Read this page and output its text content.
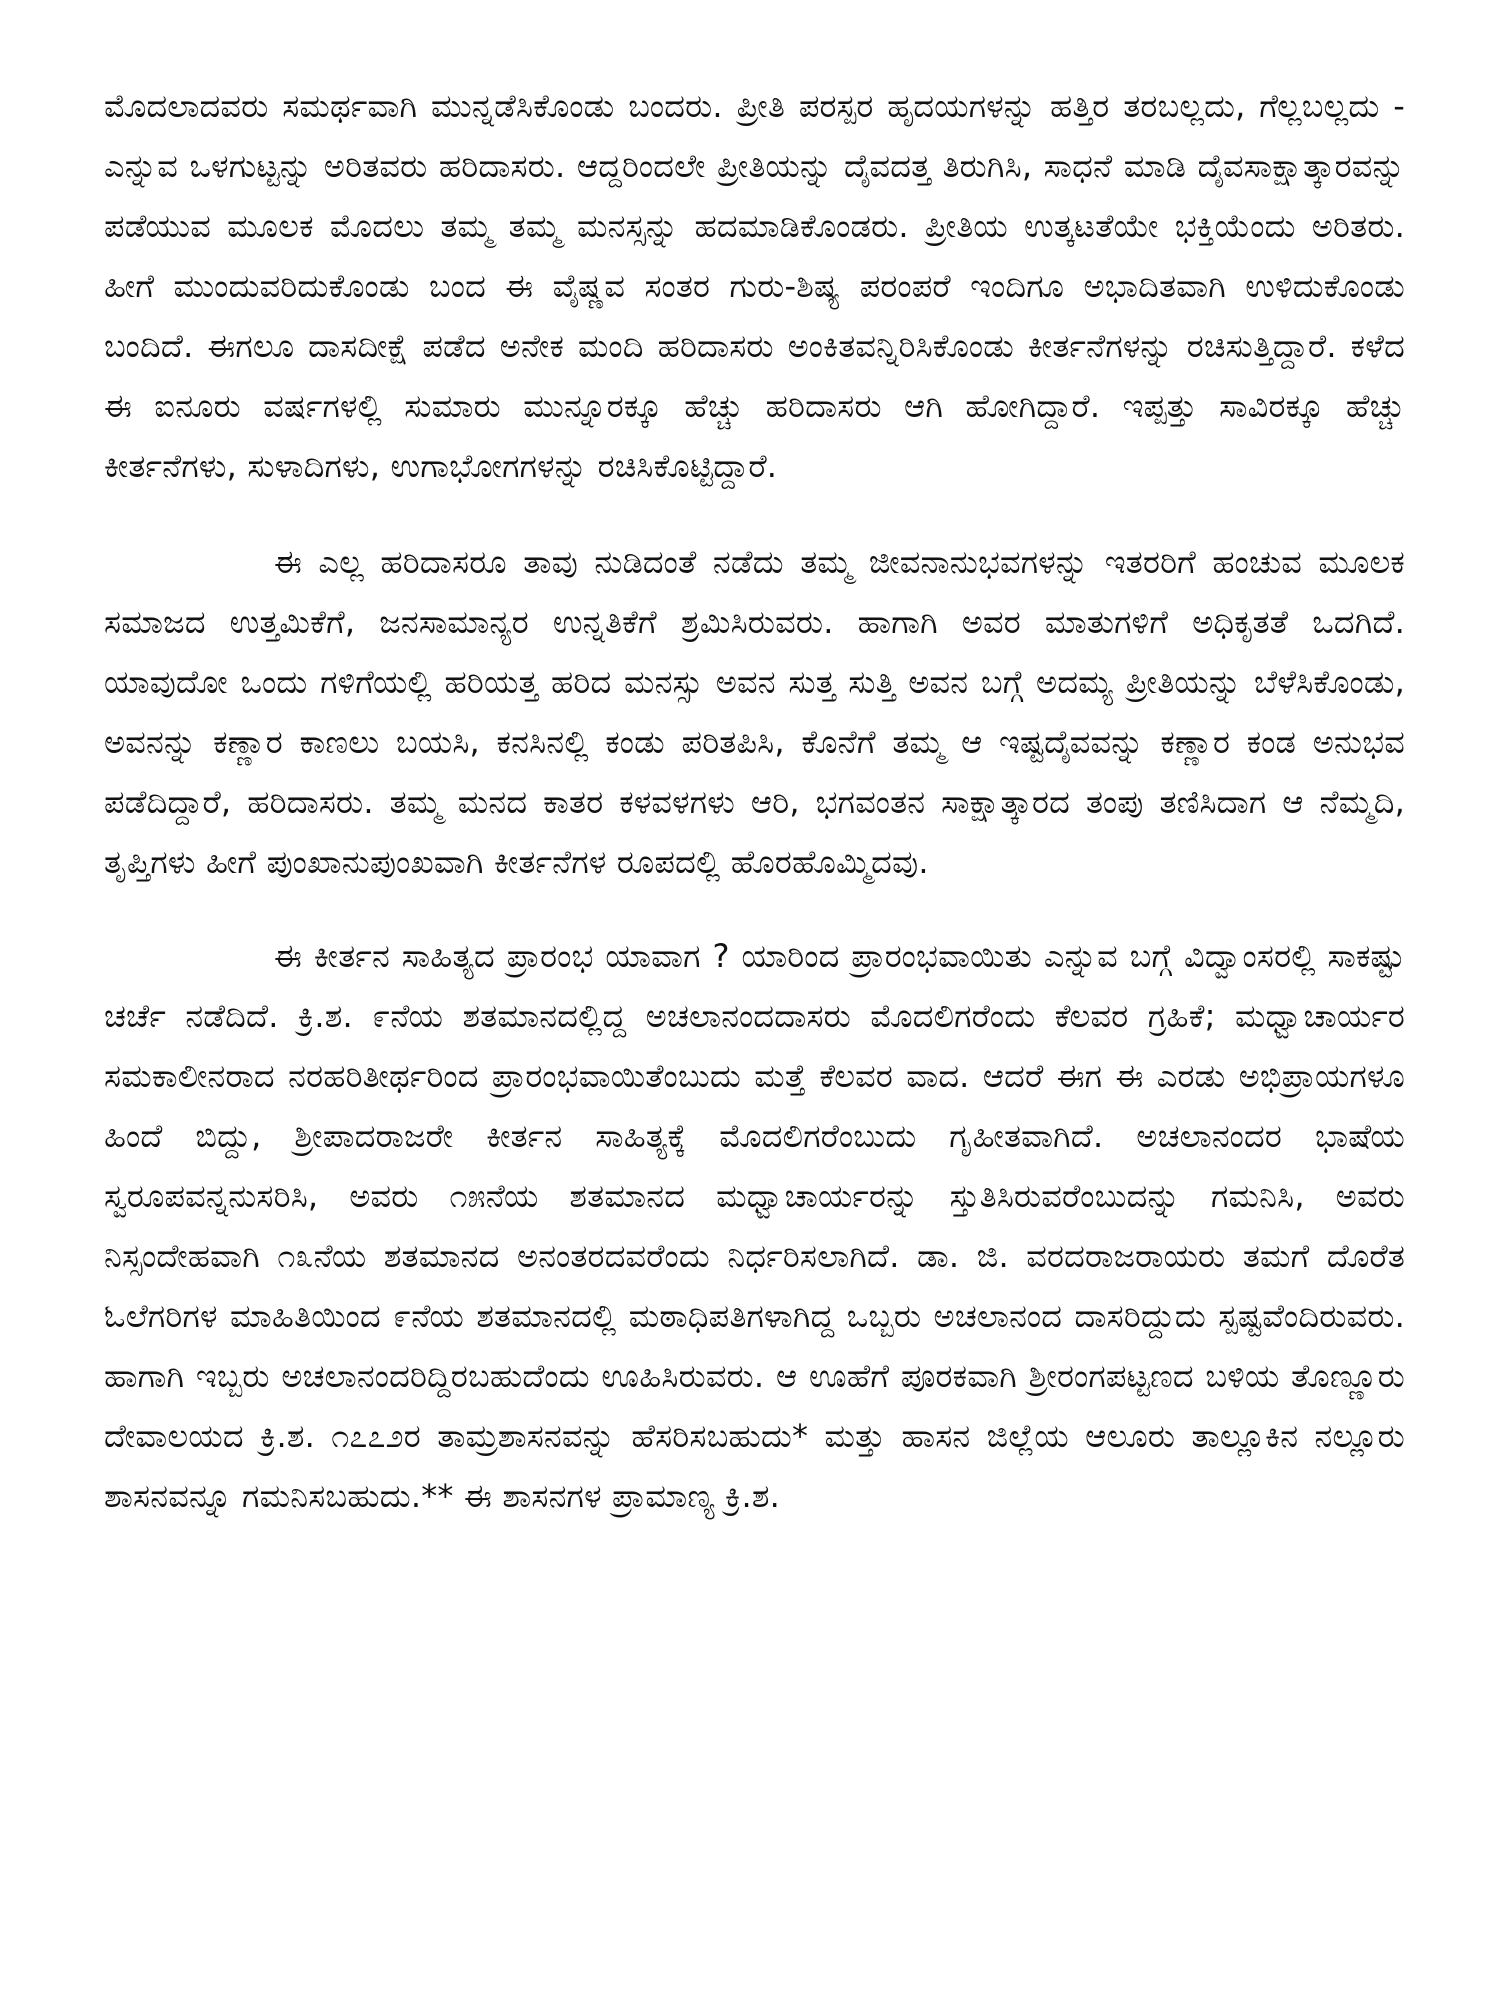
ಮೊದಲಾದವರು ಸಮರ್ಥವಾಗಿ ಮುನ್ನಡೆಸಿಕೊಂಡು ಬಂದರು. ಪ್ರೀತಿ ಪರಸ್ಪರ ಹೃದಯಗಳನ್ನು ಹತ್ತಿರ ತರಬಲ್ಲದು, ಗೆಲ್ಲಬಲ್ಲದು - ಎನ್ನುವ ಒಳಗುಟ್ಟನ್ನು ಅರಿತವರು ಹರಿದಾಸರು. ಆದ್ದರಿಂದಲೇ ಪ್ರೀತಿಯನ್ನು ದೈವದತ್ತ ತಿರುಗಿಸಿ, ಸಾಧನೆ ಮಾಡಿ ದೈವಸಾಕ್ಷಾತ್ಕಾರವನ್ನು ಪಡೆಯುವ ಮೂಲಕ ಮೊದಲು ತಮ್ಮ ತಮ್ಮ ಮನಸ್ಸನ್ನು ಹದಮಾಡಿಕೊಂಡರು. ಪ್ರೀತಿಯ ಉತ್ಕಟತೆಯೇ ಭಕ್ತಿಯೆಂದು ಅರಿತರು. ಹೀಗೆ ಮುಂದುವರಿದುಕೊಂಡು ಬಂದ ಈ ವೈಷ್ಣವ ಸಂತರ ಗುರು-ಶಿಷ್ಯ ಪರಂಪರೆ ಇಂದಿಗೂ ಅಭಾದಿತವಾಗಿ ಉಳಿದುಕೊಂಡು ಬಂದಿದೆ. ಈಗಲೂ ದಾಸದೀಕ್ಷೆ ಪಡೆದ ಅನೇಕ ಮಂದಿ ಹರಿದಾಸರು ಅಂಕಿತವನ್ನಿರಿಸಿಕೊಂಡು ಕೀರ್ತನೆಗಳನ್ನು ರಚಿಸುತ್ತಿದ್ದಾರೆ. ಕಳೆದ ಈ ಐನೂರು ವರ್ಷಗಳಲ್ಲಿ ಸುಮಾರು ಮುನ್ನೂರಕ್ಕೂ ಹೆಚ್ಚು ಹರಿದಾಸರು ಆಗಿ ಹೋಗಿದ್ದಾರೆ. ಇಪ್ಪತ್ತು ಸಾವಿರಕ್ಕೂ ಹೆಚ್ಚು ಕೀರ್ತನೆಗಳು, ಸುಳಾದಿಗಳು, ಉಗಾಭೋಗಗಳನ್ನು ರಚಿಸಿಕೊಟ್ಟಿದ್ದಾರೆ.

ಈ ಎಲ್ಲ ಹರಿದಾಸರೂ ತಾವು ನುಡಿದಂತೆ ನಡೆದು ತಮ್ಮ ಜೀವನಾನುಭವಗಳನ್ನು ಇತರರಿಗೆ ಹಂಚುವ ಮೂಲಕ ಸಮಾಜದ ಉತ್ತಮಿಕೆಗೆ, ಜನಸಾಮಾನ್ಯರ ಉನ್ನತಿಕೆಗೆ ಶ್ರಮಿಸಿರುವರು. ಹಾಗಾಗಿ ಅವರ ಮಾತುಗಳಿಗೆ ಅಧಿಕೃತತೆ ಒದಗಿದೆ. ಯಾವುದೋ ಒಂದು ಗಳಿಗೆಯಲ್ಲಿ ಹರಿಯತ್ತ ಹರಿದ ಮನಸ್ಸು ಅವನ ಸುತ್ತ ಸುತ್ತಿ ಅವನ ಬಗ್ಗೆ ಅದಮ್ಯ ಪ್ರೀತಿಯನ್ನು ಬೆಳೆಸಿಕೊಂಡು, ಅವನನ್ನು ಕಣ್ಣಾರ ಕಾಣಲು ಬಯಸಿ, ಕನಸಿನಲ್ಲಿ ಕಂಡು ಪರಿತಪಿಸಿ, ಕೊನೆಗೆ ತಮ್ಮ ಆ ಇಷ್ಟದೈವವನ್ನು ಕಣ್ಣಾರ ಕಂಡ ಅನುಭವ ಪಡೆದಿದ್ದಾರೆ, ಹರಿದಾಸರು. ತಮ್ಮ ಮನದ ಕಾತರ ಕಳವಳಗಳು ಆರಿ, ಭಗವಂತನ ಸಾಕ್ಷಾತ್ಕಾರದ ತಂಪು ತಣಿಸಿದಾಗ ಆ ನೆಮ್ಮದಿ, ತೃಪ್ತಿಗಳು ಹೀಗೆ ಪುಂಖಾನುಪುಂಖವಾಗಿ ಕೀರ್ತನೆಗಳ ರೂಪದಲ್ಲಿ ಹೊರಹೊಮ್ಮಿದವು.

ಈ ಕೀರ್ತನ ಸಾಹಿತ್ಯದ ಪ್ರಾರಂಭ ಯಾವಾಗ ? ಯಾರಿಂದ ಪ್ರಾರಂಭವಾಯಿತು ಎನ್ನುವ ಬಗ್ಗೆ ವಿದ್ವಾಂಸರಲ್ಲಿ ಸಾಕಷ್ಟು ಚರ್ಚೆ ನಡೆದಿದೆ. ಕ್ರಿ.ಶ. ೯ನೆಯ ಶತಮಾನದಲ್ಲಿದ್ದ ಅಚಲಾನಂದದಾಸರು ಮೊದಲಿಗರೆಂದು ಕೆಲವರ ಗ್ರಹಿಕೆ; ಮಧ್ವಾಚಾರ್ಯರ ಸಮಕಾಲೀನರಾದ ನರಹರಿತೀರ್ಥರಿಂದ ಪ್ರಾರಂಭವಾಯಿತೆಂಬುದು ಮತ್ತೆ ಕೆಲವರ ವಾದ. ಆದರೆ ಈಗ ಈ ಎರಡು ಅಭಿಪ್ರಾಯಗಳೂ ಹಿಂದೆ ಬಿದ್ದು, ಶ್ರೀಪಾದರಾಜರೇ ಕೀರ್ತನ ಸಾಹಿತ್ಯಕ್ಕೆ ಮೊದಲಿಗರೆಂಬುದು ಗೃಹೀತವಾಗಿದೆ. ಅಚಲಾನಂದರ ಭಾಷೆಯ ಸ್ವರೂಪವನ್ನನುಸರಿಸಿ, ಅವರು ೧೫ನೆಯ ಶತಮಾನದ ಮಧ್ವಾಚಾರ್ಯರನ್ನು ಸ್ತುತಿಸಿರುವರೆಂಬುದನ್ನು ಗಮನಿಸಿ, ಅವರು ನಿಸ್ಸಂದೇಹವಾಗಿ ೧೩ನೆಯ ಶತಮಾನದ ಅನಂತರದವರೆಂದು ನಿರ್ಧರಿಸಲಾಗಿದೆ. ಡಾ. ಜಿ. ವರದರಾಜರಾಯರು ತಮಗೆ ದೊರೆತ ಓಲೆಗರಿಗಳ ಮಾಹಿತಿಯಿಂದ ೯ನೆಯ ಶತಮಾನದಲ್ಲಿ ಮಠಾಧಿಪತಿಗಳಾಗಿದ್ದ ಒಬ್ಬರು ಅಚಲಾನಂದ ದಾಸರಿದ್ದುದು ಸ್ಪಷ್ಟವೆಂದಿರುವರು. ಹಾಗಾಗಿ ಇಬ್ಬರು ಅಚಲಾನಂದರಿದ್ದಿರಬಹುದೆಂದು ಊಹಿಸಿರುವರು. ಆ ಊಹೆಗೆ ಪೂರಕವಾಗಿ ಶ್ರೀರಂಗಪಟ್ಟಣದ ಬಳಿಯ ತೊಣ್ಣೂರು ದೇವಾಲಯದ ಕ್ರಿ.ಶ. ೧೭೭೨ರ ತಾಮ್ರಶಾಸನವನ್ನು ಹೆಸರಿಸಬಹುದು* ಮತ್ತು ಹಾಸನ ಜಿಲ್ಲೆಯ ಆಲೂರು ತಾಲ್ಲೂಕಿನ ನಲ್ಲೂರು ಶಾಸನವನ್ನೂ ಗಮನಿಸಬಹುದು.** ಈ ಶಾಸನಗಳ ಪ್ರಾಮಾಣ್ಯ ಕ್ರಿ.ಶ.
